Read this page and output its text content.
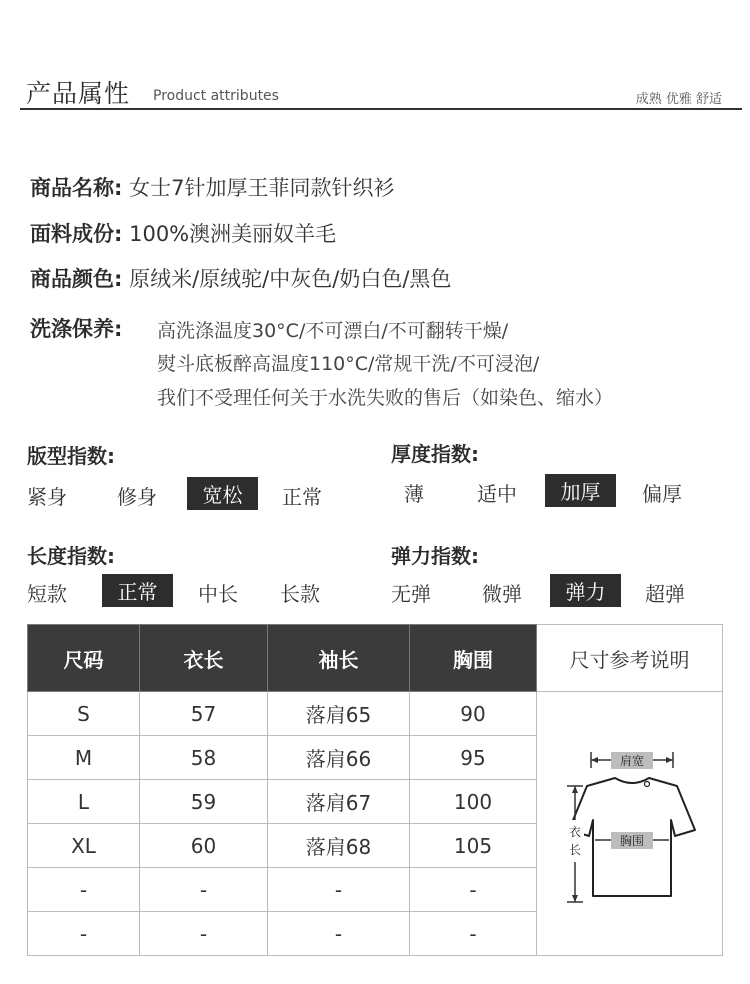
产品属性 Product attributes	成熟 优雅 舒适
商品名称: 女士7针加厚王菲同款针织衫
面料成份: 100%澳洲美丽奴羊毛
商品颜色: 原绒米/原绒驼/中灰色/奶白色/黑色
洗涤保养: 高洗涤温度30°C/不可漂白/不可翻转干燥/
熨斗底板醉高温度110°C/常规干洗/不可浸泡/
我们不受理任何关于水洗失败的售后（如染色、缩水）
版型指数:
紧身	修身	宽松	正常
厚度指数:
薄	适中	加厚	偏厚
长度指数:
短款	正常	中长 长款
弹力指数:
无弹	微弹	弹力	超弹
尺码	衣长	袖长	胸围	尺寸参考说明
S	57	落肩65	90	肩宽
胸围
衣
长

M	58	落肩66	95	
L	59	落肩67	100	
XL	60	落肩68	105	
-	-	-	-	
-	-	-	-	
